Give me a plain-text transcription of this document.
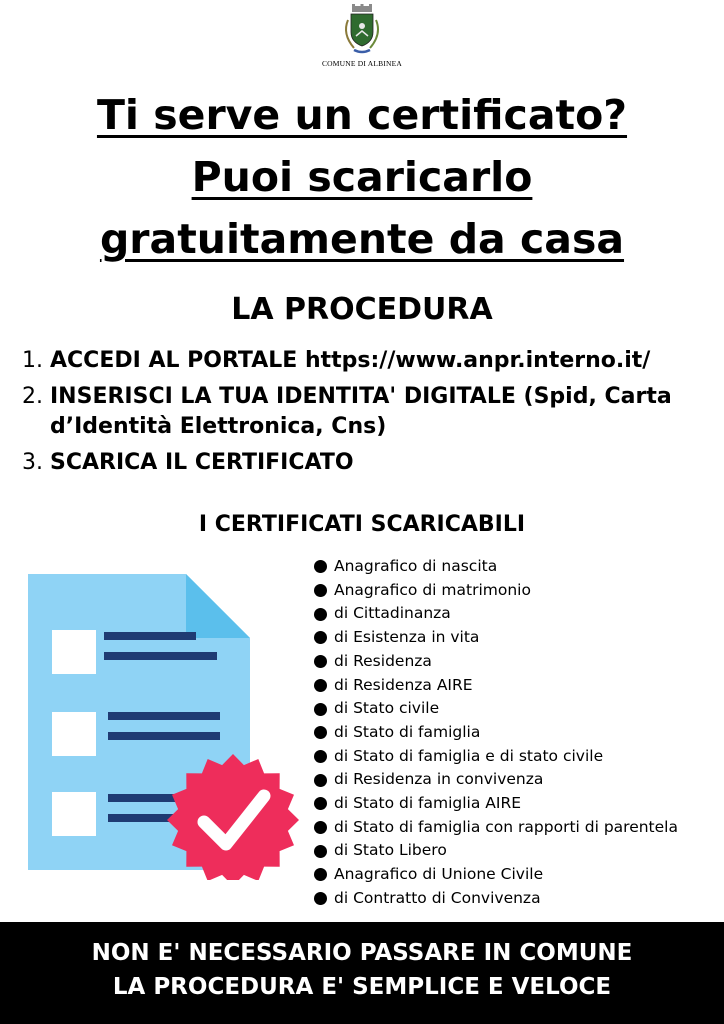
COMUNE DI ALBINEA
Ti serve un certificato?
Puoi scaricarlo
gratuitamente da casa
LA PROCEDURA
1. ACCEDI AL PORTALE https://www.anpr.interno.it/
2. INSERISCI LA TUA IDENTITA' DIGITALE (Spid, Carta d’Identità Elettronica, Cns)
3. SCARICA IL CERTIFICATO
I CERTIFICATI SCARICABILI
Anagrafico di nascita
Anagrafico di matrimonio
di Cittadinanza
di Esistenza in vita
di Residenza
di Residenza AIRE
di Stato civile
di Stato di famiglia
di Stato di famiglia e di stato civile
di Residenza in convivenza
di Stato di famiglia AIRE
di Stato di famiglia con rapporti di parentela
di Stato Libero
Anagrafico di Unione Civile
di Contratto di Convivenza
NON E' NECESSARIO PASSARE IN COMUNE
LA PROCEDURA E' SEMPLICE E VELOCE
